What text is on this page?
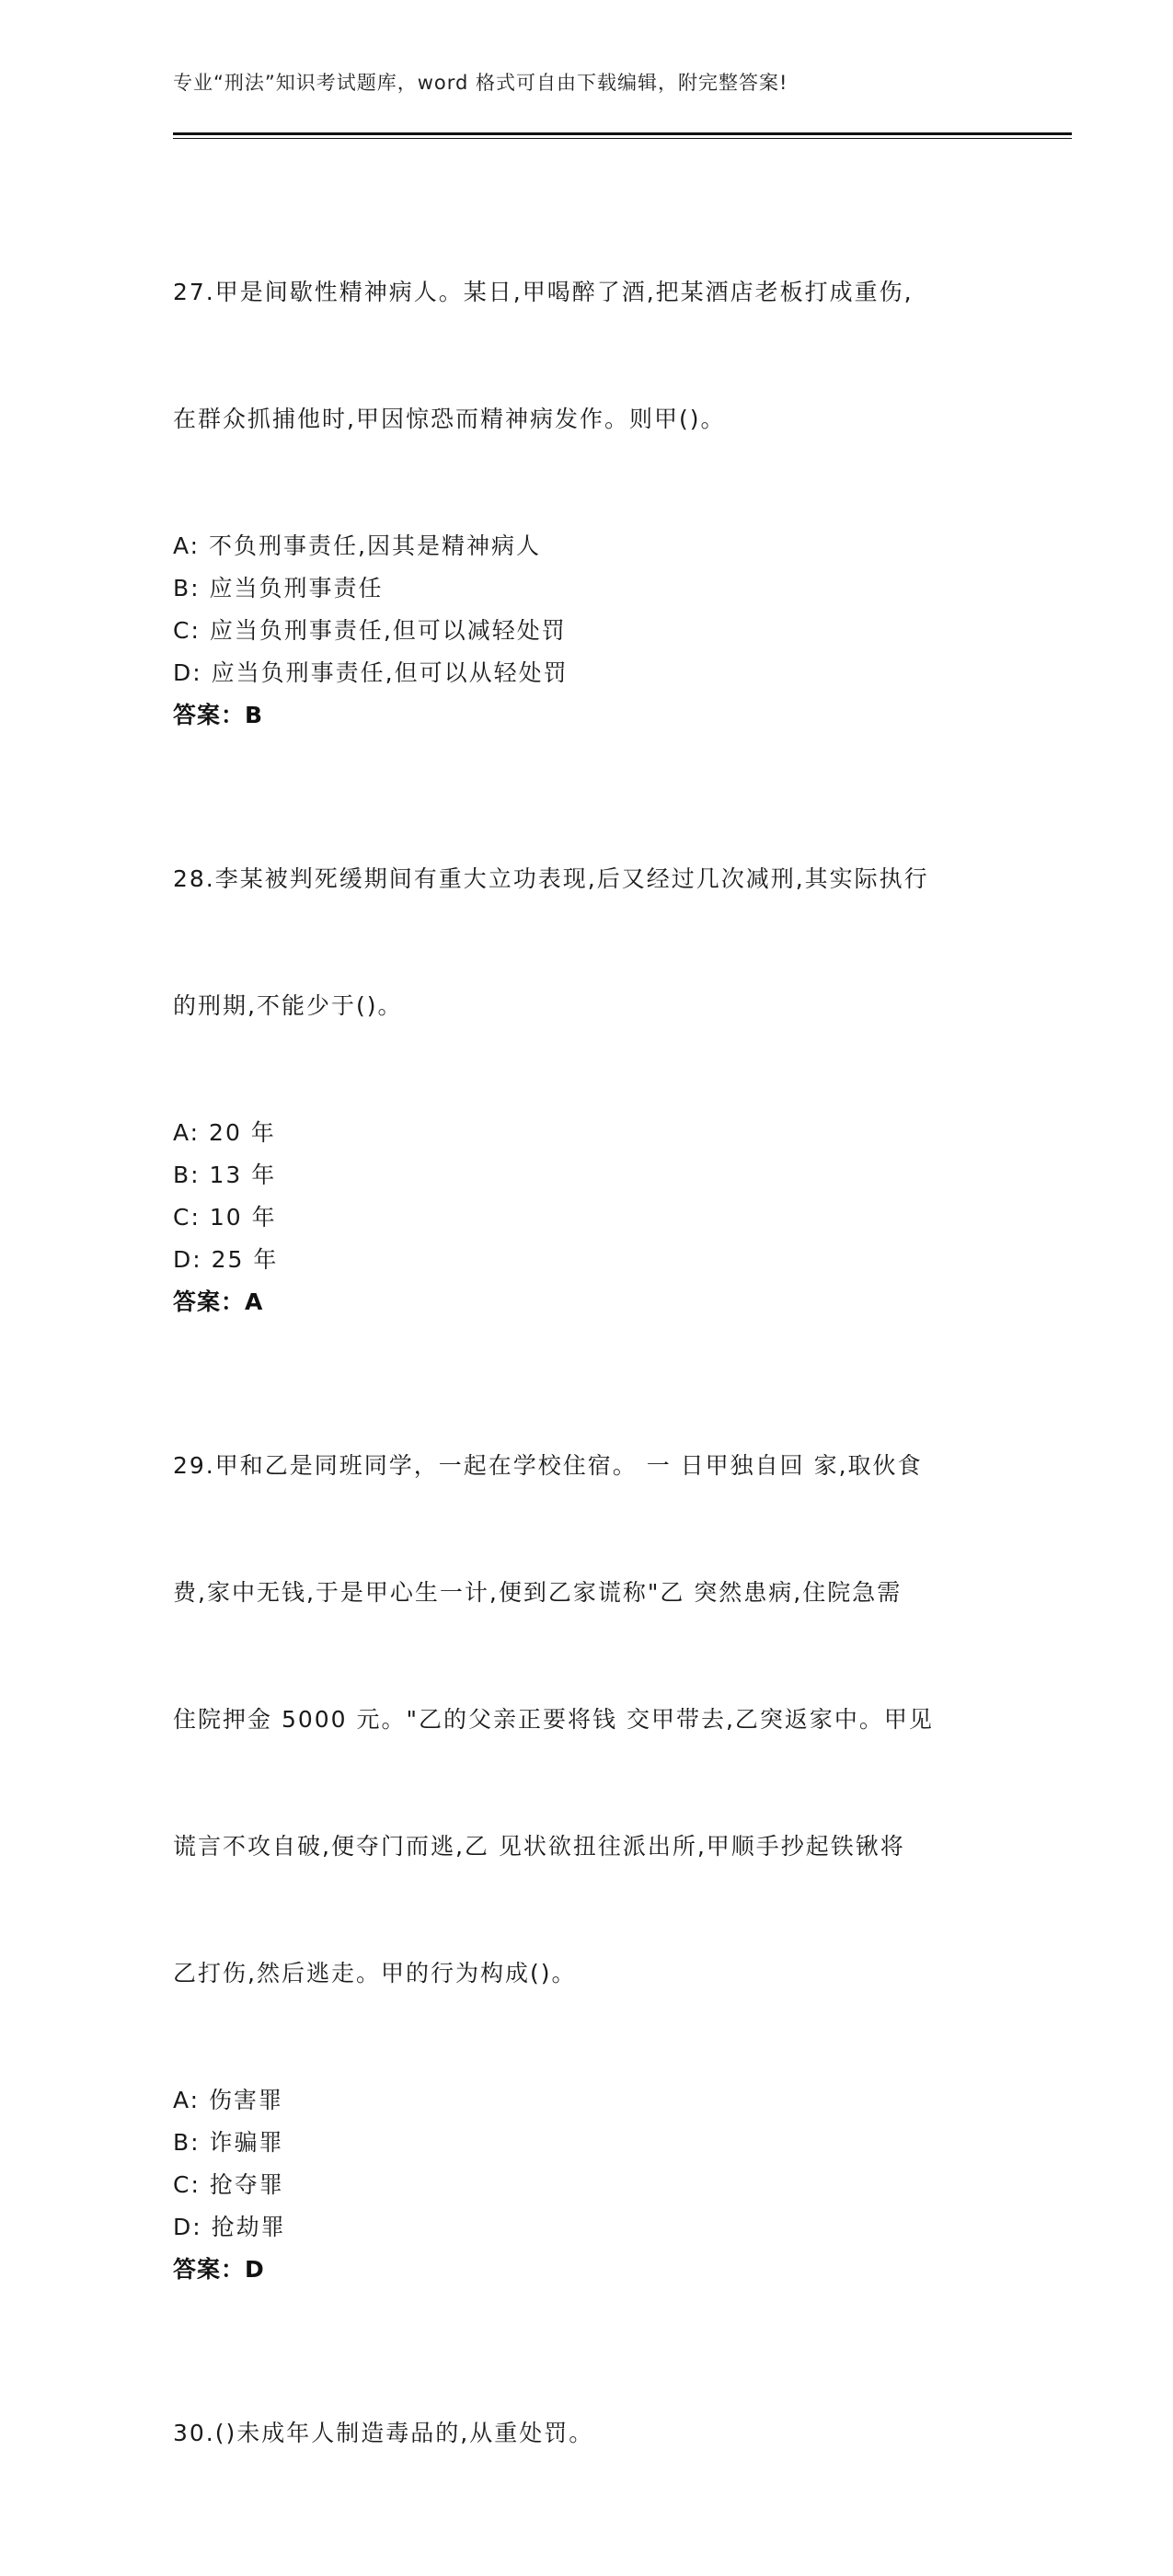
专业“刑法”知识考试题库，word 格式可自由下载编辑，附完整答案!

27.甲是间歇性精神病人。某日,甲喝醉了酒,把某酒店老板打成重伤,

在群众抓捕他时,甲因惊恐而精神病发作。则甲()。

A: 不负刑事责任,因其是精神病人
B: 应当负刑事责任
C: 应当负刑事责任,但可以减轻处罚
D: 应当负刑事责任,但可以从轻处罚
答案：B

28.李某被判死缓期间有重大立功表现,后又经过几次减刑,其实际执行

的刑期,不能少于()。

A: 20 年
B: 13 年
C: 10 年
D: 25 年
答案：A

29.甲和乙是同班同学，一起在学校住宿。 一 日甲独自回 家,取伙食

费,家中无钱,于是甲心生一计,便到乙家谎称"乙 突然患病,住院急需

住院押金 5000 元。"乙的父亲正要将钱 交甲带去,乙突返家中。甲见

谎言不攻自破,便夺门而逃,乙 见状欲扭往派出所,甲顺手抄起铁锹将

乙打伤,然后逃走。甲的行为构成()。

A: 伤害罪
B: 诈骗罪
C: 抢夺罪
D: 抢劫罪
答案：D

30.()未成年人制造毒品的,从重处罚。
